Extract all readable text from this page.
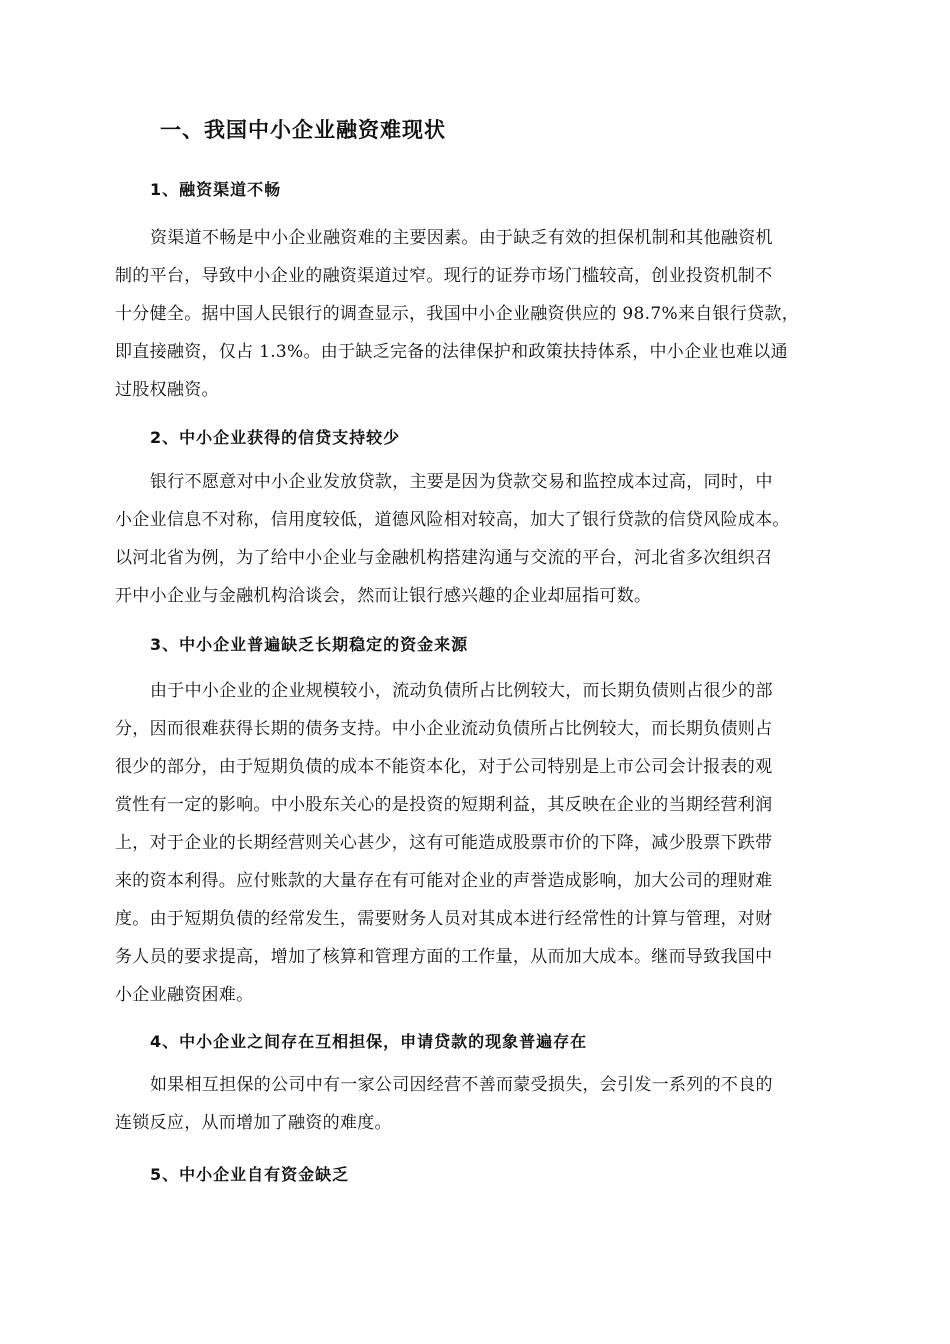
一、我国中小企业融资难现状
1、融资渠道不畅
资渠道不畅是中小企业融资难的主要因素。由于缺乏有效的担保机制和其他融资机
制的平台，导致中小企业的融资渠道过窄。现行的证券市场门槛较高，创业投资机制不
十分健全。据中国人民银行的调查显示，我国中小企业融资供应的 98.7%来自银行贷款，
即直接融资，仅占 1.3%。由于缺乏完备的法律保护和政策扶持体系，中小企业也难以通
过股权融资。
2、中小企业获得的信贷支持较少
银行不愿意对中小企业发放贷款，主要是因为贷款交易和监控成本过高，同时，中
小企业信息不对称，信用度较低，道德风险相对较高，加大了银行贷款的信贷风险成本。
以河北省为例，为了给中小企业与金融机构搭建沟通与交流的平台，河北省多次组织召
开中小企业与金融机构洽谈会，然而让银行感兴趣的企业却屈指可数。
3、中小企业普遍缺乏长期稳定的资金来源
由于中小企业的企业规模较小，流动负债所占比例较大，而长期负债则占很少的部
分，因而很难获得长期的债务支持。中小企业流动负债所占比例较大，而长期负债则占
很少的部分，由于短期负债的成本不能资本化，对于公司特别是上市公司会计报表的观
赏性有一定的影响。中小股东关心的是投资的短期利益，其反映在企业的当期经营利润
上，对于企业的长期经营则关心甚少，这有可能造成股票市价的下降，减少股票下跌带
来的资本利得。应付账款的大量存在有可能对企业的声誉造成影响，加大公司的理财难
度。由于短期负债的经常发生，需要财务人员对其成本进行经常性的计算与管理，对财
务人员的要求提高，增加了核算和管理方面的工作量，从而加大成本。继而导致我国中
小企业融资困难。
4、中小企业之间存在互相担保，申请贷款的现象普遍存在
如果相互担保的公司中有一家公司因经营不善而蒙受损失，会引发一系列的不良的
连锁反应，从而增加了融资的难度。
5、中小企业自有资金缺乏
